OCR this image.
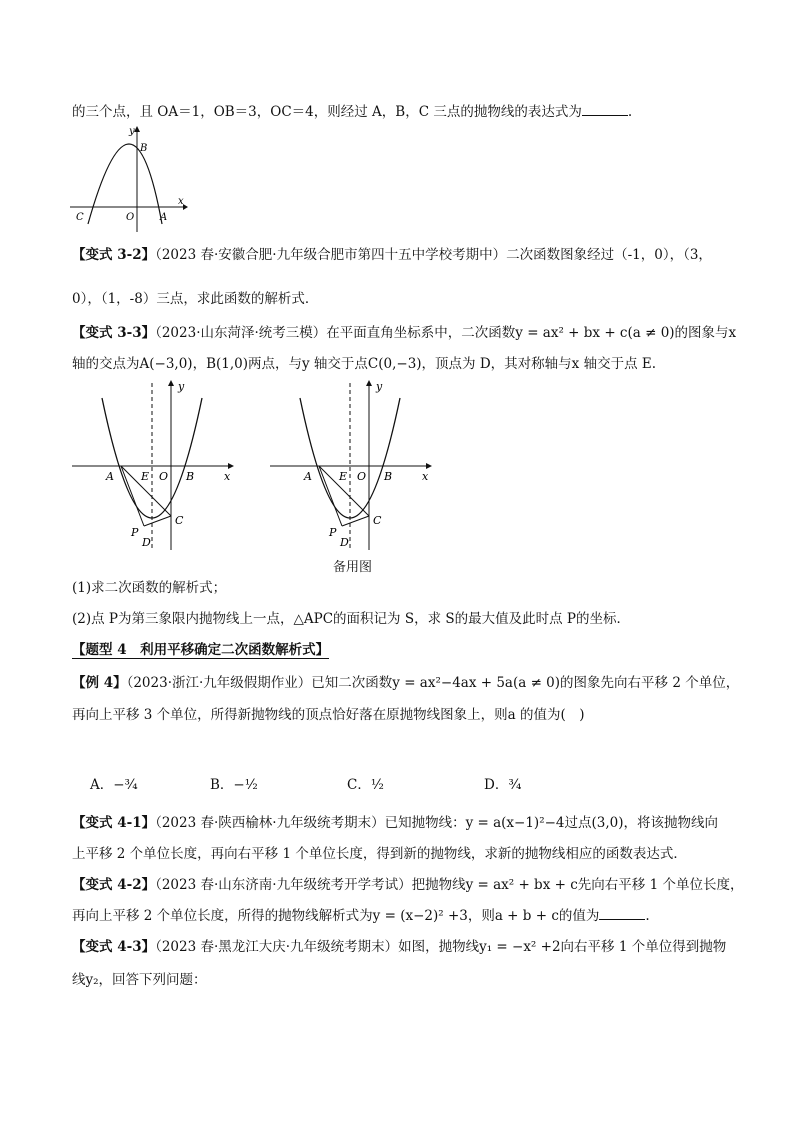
的三个点，且 OA＝1，OB＝3，OC＝4，则经过 A，B，C 三点的抛物线的表达式为	.
y
x
B
C	O	A
【变式 3-2】（2023 春·安徽合肥·九年级合肥市第四十五中学校考期中）二次函数图象经过（-1，0），（3，
0），（1，-8）三点，求此函数的解析式．
【变式 3-3】（2023·山东菏泽·统考三模）在平面直角坐标系中，二次函数y = ax² + bx + c(a ≠ 0)的图象与x
轴的交点为A(−3,0)，B(1,0)两点，与y 轴交于点C(0,−3)，顶点为 D，其对称轴与x 轴交于点 E.
A E O B
C
P
D
y
x	A E O B
C
P
D
y
x
备用图
(1)求二次函数的解析式；
(2)点 P为第三象限内抛物线上一点，△APC的面积记为 S，求 S的最大值及此时点 P的坐标．
【题型 4　利用平移确定二次函数解析式】
【例 4】（2023·浙江·九年级假期作业）已知二次函数y = ax²−4ax + 5a(a ≠ 0)的图象先向右平移 2 个单位，
再向上平移 3 个单位，所得新抛物线的顶点恰好落在原抛物线图象上，则a 的值为(　)
A．−³⁄₄	B．−¹⁄₂	C．¹⁄₂	D．³⁄₄
【变式 4-1】（2023 春·陕西榆林·九年级统考期末）已知抛物线：y = a(x−1)²−4过点(3,0)，将该抛物线向
上平移 2 个单位长度，再向右平移 1 个单位长度，得到新的抛物线，求新的抛物线相应的函数表达式．
【变式 4-2】（2023 春·山东济南·九年级统考开学考试）把抛物线y = ax² + bx + c先向右平移 1 个单位长度，
再向上平移 2 个单位长度，所得的抛物线解析式为y = (x−2)² +3，则a + b + c的值为	.
【变式 4-3】（2023 春·黑龙江大庆·九年级统考期末）如图，抛物线y₁ = −x² +2向右平移 1 个单位得到抛物
线y₂，回答下列问题：
